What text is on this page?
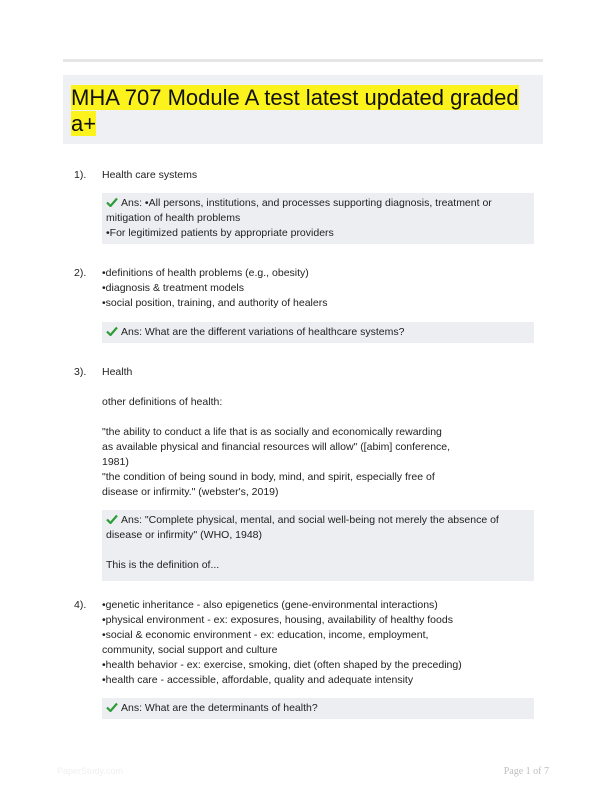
MHA 707 Module A test latest updated graded a+
1). Health care systems
Ans: •All persons, institutions, and processes supporting diagnosis, treatment or
mitigation of health problems
•For legitimized patients by appropriate providers
2). •definitions of health problems (e.g., obesity)
•diagnosis & treatment models
•social position, training, and authority of healers
Ans: What are the different variations of healthcare systems?
3). Health
other definitions of health:
"the ability to conduct a life that is as socially and economically rewarding
as available physical and financial resources will allow" ([abim] conference,
1981)
"the condition of being sound in body, mind, and spirit, especially free of
disease or infirmity." (webster's, 2019)
Ans: "Complete physical, mental, and social well-being not merely the absence of
disease or infirmity" (WHO, 1948)
This is the definition of...
4). •genetic inheritance - also epigenetics (gene-environmental interactions)
•physical environment - ex: exposures, housing, availability of healthy foods
•social & economic environment - ex: education, income, employment,
community, social support and culture
•health behavior - ex: exercise, smoking, diet (often shaped by the preceding)
•health care - accessible, affordable, quality and adequate intensity
Ans: What are the determinants of health?
PaperStudy.com	Page 1 of 7
